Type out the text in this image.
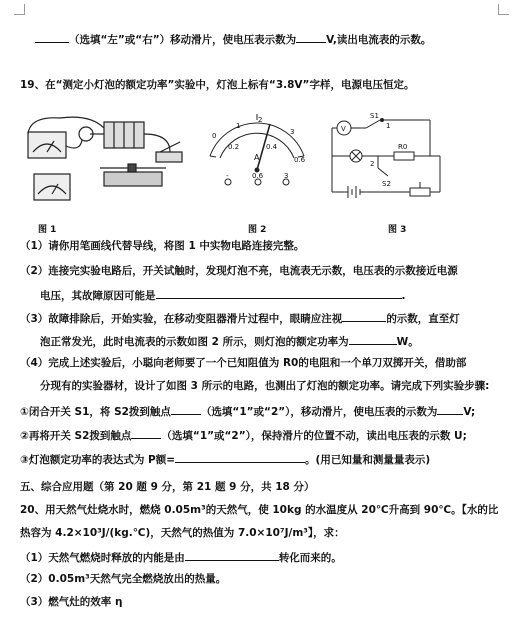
（选填“左”或“右”）移动滑片，使电压表示数为	V,读出电流表的示数。
19、在“测定小灯泡的额定功率”实验中，灯泡上标有“3.8V”字样，电源电压恒定。
0
0.2	0.4
0.6
1
2
3
A
-	0.6	3
V
S1
1
2
R0
S2
图 1	图 2	图 3
（1）请你用笔画线代替导线，将图 1 中实物电路连接完整。
（2）连接完实验电路后，开关试触时，发现灯泡不亮，电流表无示数，电压表的示数接近电源
电压，其故障原因可能是	.
（3）故障排除后，开始实验，在移动变阻器滑片过程中，眼睛应注视	的示数，直至灯
泡正常发光，此时电流表的示数如图 2 所示，则灯泡的额定功率为	W。
（4）完成上述实验后，小聪向老师要了一个已知阻值为 R0的电阻和一个单刀双掷开关，借助部
分现有的实验器材，设计了如图 3 所示的电路，也测出了灯泡的额定功率。请完成下列实验步骤:
①闭合开关 S1，将 S2拨到触点	（选填“1”或“2”），移动滑片，使电压表的示数为 V;
②再将开关 S2拨到触点	（选填“1”或“2”），保持滑片的位置不动，读出电压表的示数 U;
③灯泡额定功率的表达式为 P额=	。(用已知量和测量量表示)
五、综合应用题（第 20 题 9 分，第 21 题 9 分，共 18 分）
20、用天然气灶烧水时，燃烧 0.05m³的天然气，使 10kg 的水温度从 20℃升高到 90℃。【水的比
热容为 4.2×10³J/(kg.℃)，天然气的热值为 7.0×10⁷J/m³】，求：
（1）天然气燃烧时释放的内能是由	转化而来的。
（2）0.05m³天然气完全燃烧放出的热量。
（3）燃气灶的效率 η
